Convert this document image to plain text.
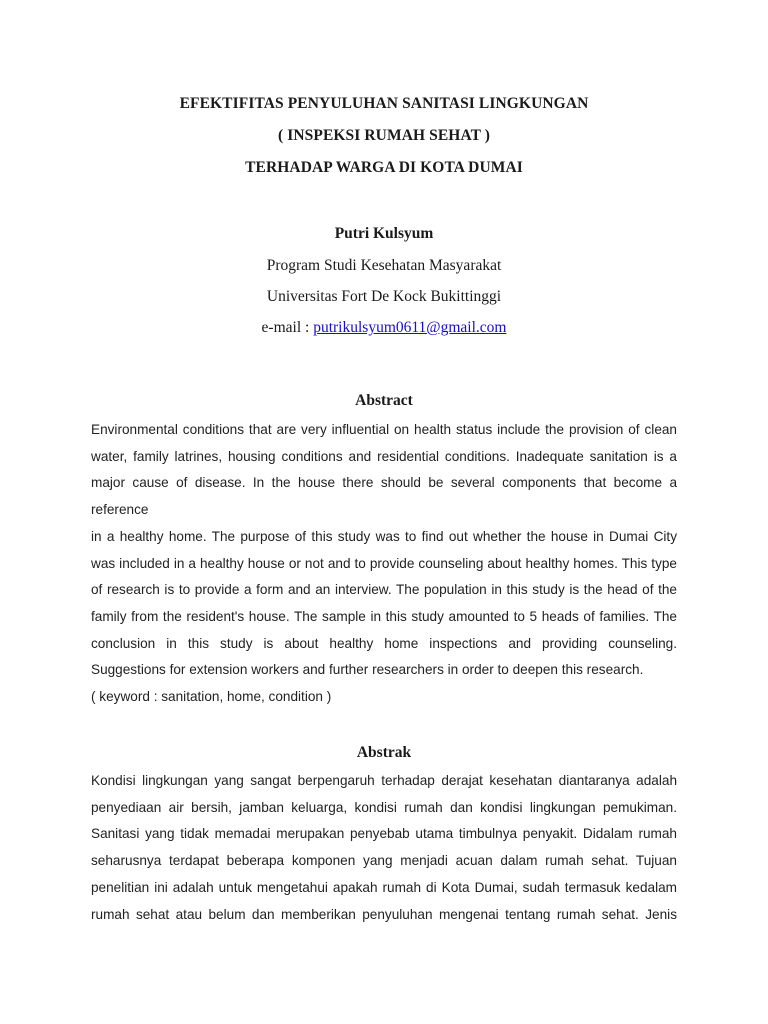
EFEKTIFITAS PENYULUHAN SANITASI LINGKUNGAN
( INSPEKSI RUMAH SEHAT )
TERHADAP WARGA DI KOTA DUMAI
Putri Kulsyum
Program Studi Kesehatan Masyarakat
Universitas Fort De Kock Bukittinggi
e-mail : putrikulsyum0611@gmail.com
Abstract
Environmental conditions that are very influential on health status include the provision of clean
water, family latrines, housing conditions and residential conditions. Inadequate sanitation is a
major cause of disease. In the house there should be several components that become a reference
in a healthy home. The purpose of this study was to find out whether the house in Dumai City
was included in a healthy house or not and to provide counseling about healthy homes. This type
of research is to provide a form and an interview. The population in this study is the head of the
family from the resident's house. The sample in this study amounted to 5 heads of families. The
conclusion in this study is about healthy home inspections and providing counseling.
Suggestions for extension workers and further researchers in order to deepen this research.
( keyword : sanitation, home, condition )
Abstrak
Kondisi lingkungan yang sangat berpengaruh terhadap derajat kesehatan diantaranya adalah
penyediaan air bersih, jamban keluarga, kondisi rumah dan kondisi lingkungan pemukiman.
Sanitasi yang tidak memadai merupakan penyebab utama timbulnya penyakit. Didalam rumah
seharusnya terdapat beberapa komponen yang menjadi acuan dalam rumah sehat. Tujuan
penelitian ini adalah untuk mengetahui apakah rumah di Kota Dumai, sudah termasuk kedalam
rumah sehat atau belum dan memberikan penyuluhan mengenai tentang rumah sehat. Jenis
